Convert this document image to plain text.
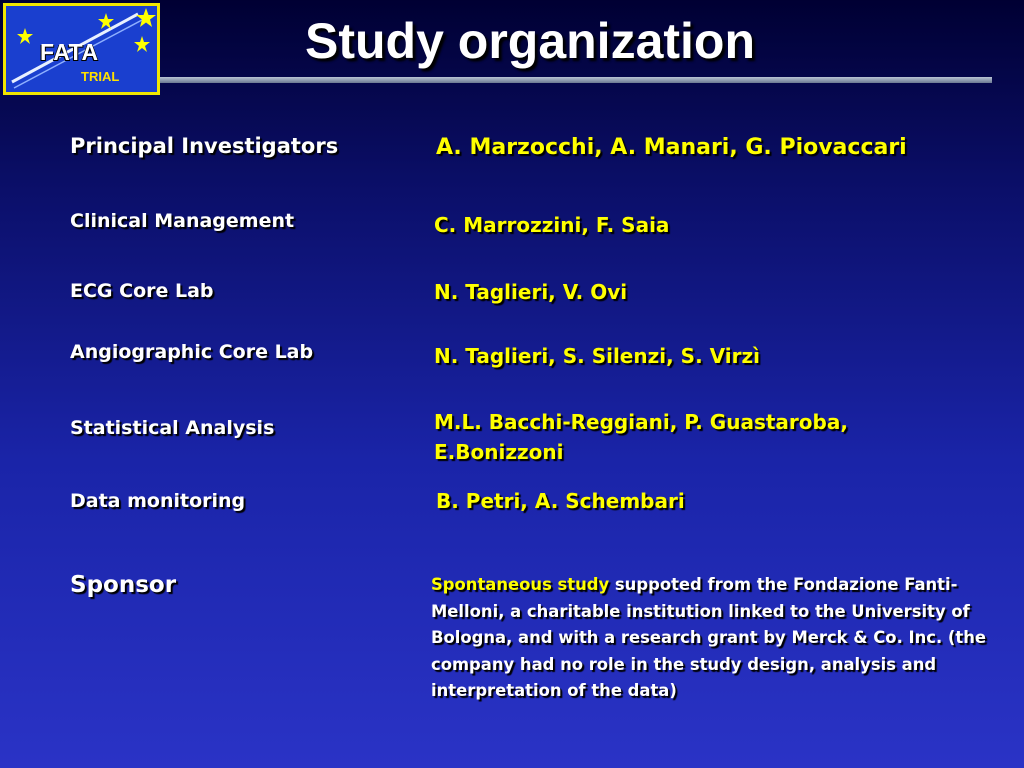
FATA
TRIAL
Study organization
Principal Investigators	A. Marzocchi, A. Manari, G. Piovaccari
Clinical Management	C. Marrozzini, F. Saia
ECG Core Lab	N. Taglieri, V. Ovi
Angiographic Core Lab	N. Taglieri, S. Silenzi, S. Virzì
Statistical Analysis	M.L. Bacchi-Reggiani, P. Guastaroba,
E.Bonizzoni
Data monitoring	B. Petri, A. Schembari
Sponsor	Spontaneous study suppoted from the Fondazione Fanti-Melloni, a charitable institution linked to the University of Bologna, and with a research grant by Merck & Co. Inc. (the company had no role in the study design, analysis and interpretation of the data)
